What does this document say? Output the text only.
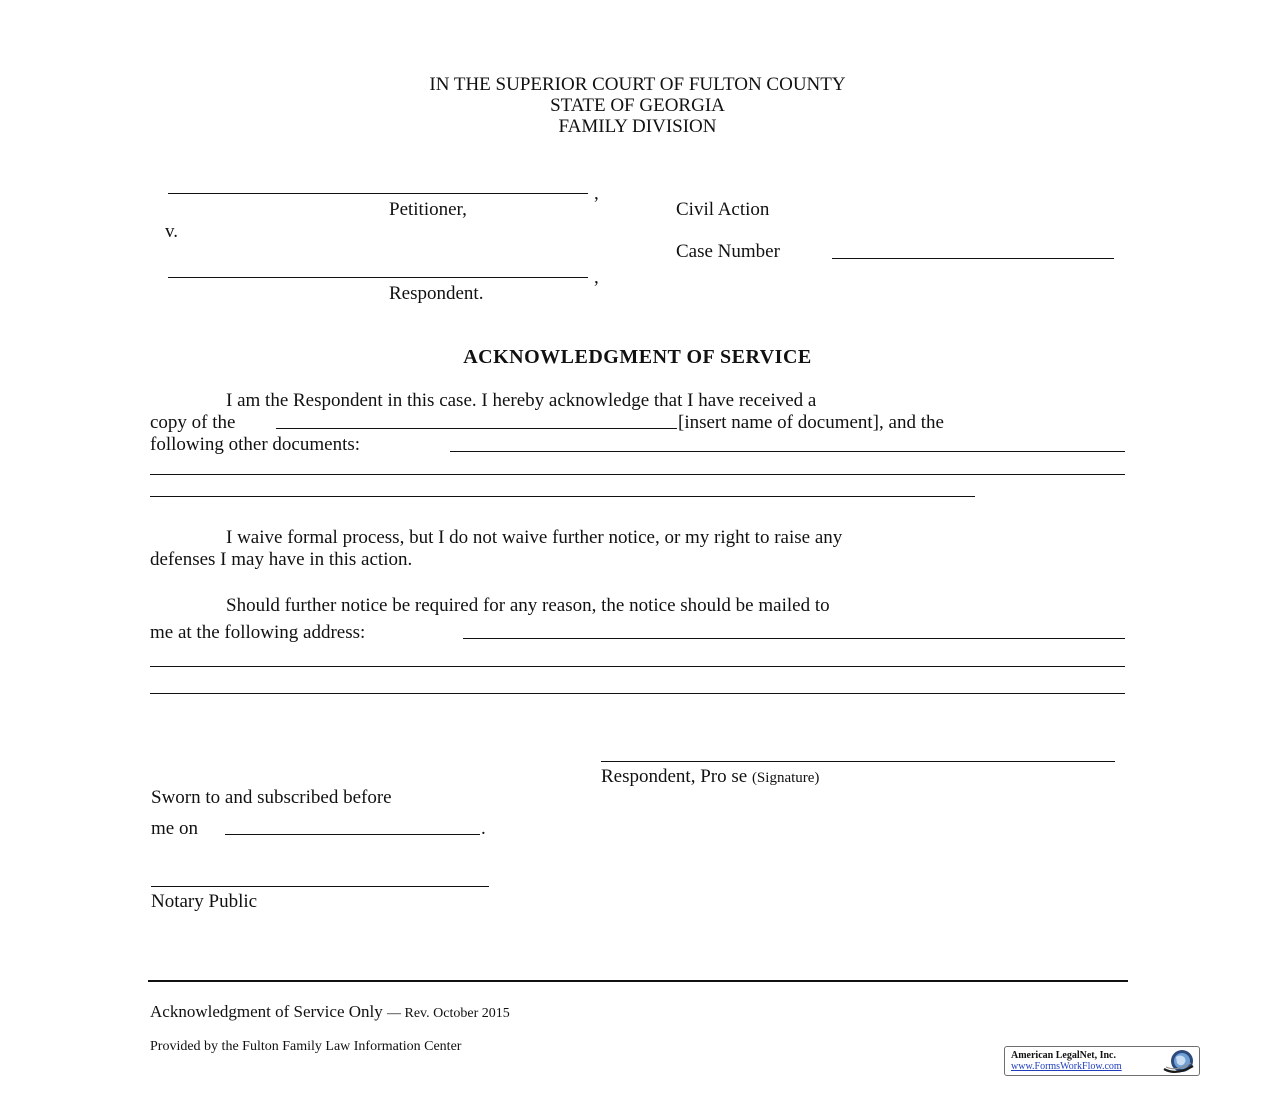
IN THE SUPERIOR COURT OF FULTON COUNTY
STATE OF GEORGIA
FAMILY DIVISION
,
Petitioner,
v.
,
Respondent.
Civil Action
Case Number
ACKNOWLEDGMENT OF SERVICE
I am the Respondent in this case. I hereby acknowledge that I have received a
copy of the	[insert name of document], and the
following other documents:
I waive formal process, but I do not waive further notice, or my right to raise any
defenses I may have in this action.
Should further notice be required for any reason, the notice should be mailed to
me at the following address:
Respondent, Pro se (Signature)
Sworn to and subscribed before
me on	.
Notary Public
Acknowledgment of Service Only — Rev. October 2015
Provided by the Fulton Family Law Information Center
American LegalNet, Inc.
www.FormsWorkFlow.com
